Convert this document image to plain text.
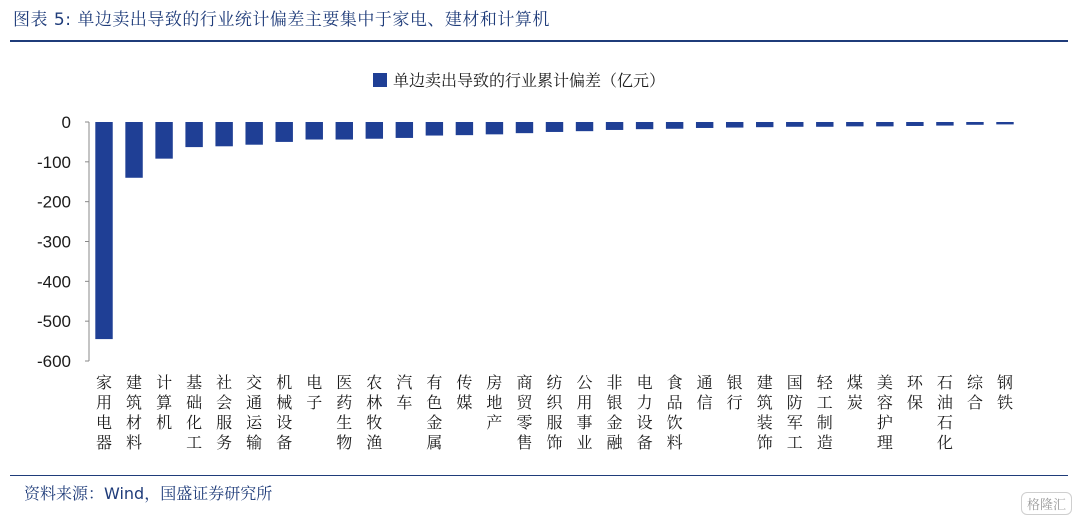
图表 5: 单边卖出导致的行业统计偏差主要集中于家电、建材和计算机
单边卖出导致的行业累计偏差（亿元）
0
-100
-200
-300
-400
-500
-600
家用电器
建筑材料
计算机
基础化工
社会服务
交通运输
机械设备
电子
医药生物
农林牧渔
汽车
有色金属
传媒
房地产
商贸零售
纺织服饰
公用事业
非银金融
电力设备
食品饮料
通信
银行
建筑装饰
国防军工
轻工制造
煤炭
美容护理
环保
石油石化
综合
钢铁
资料来源：Wind，国盛证券研究所
格隆汇
